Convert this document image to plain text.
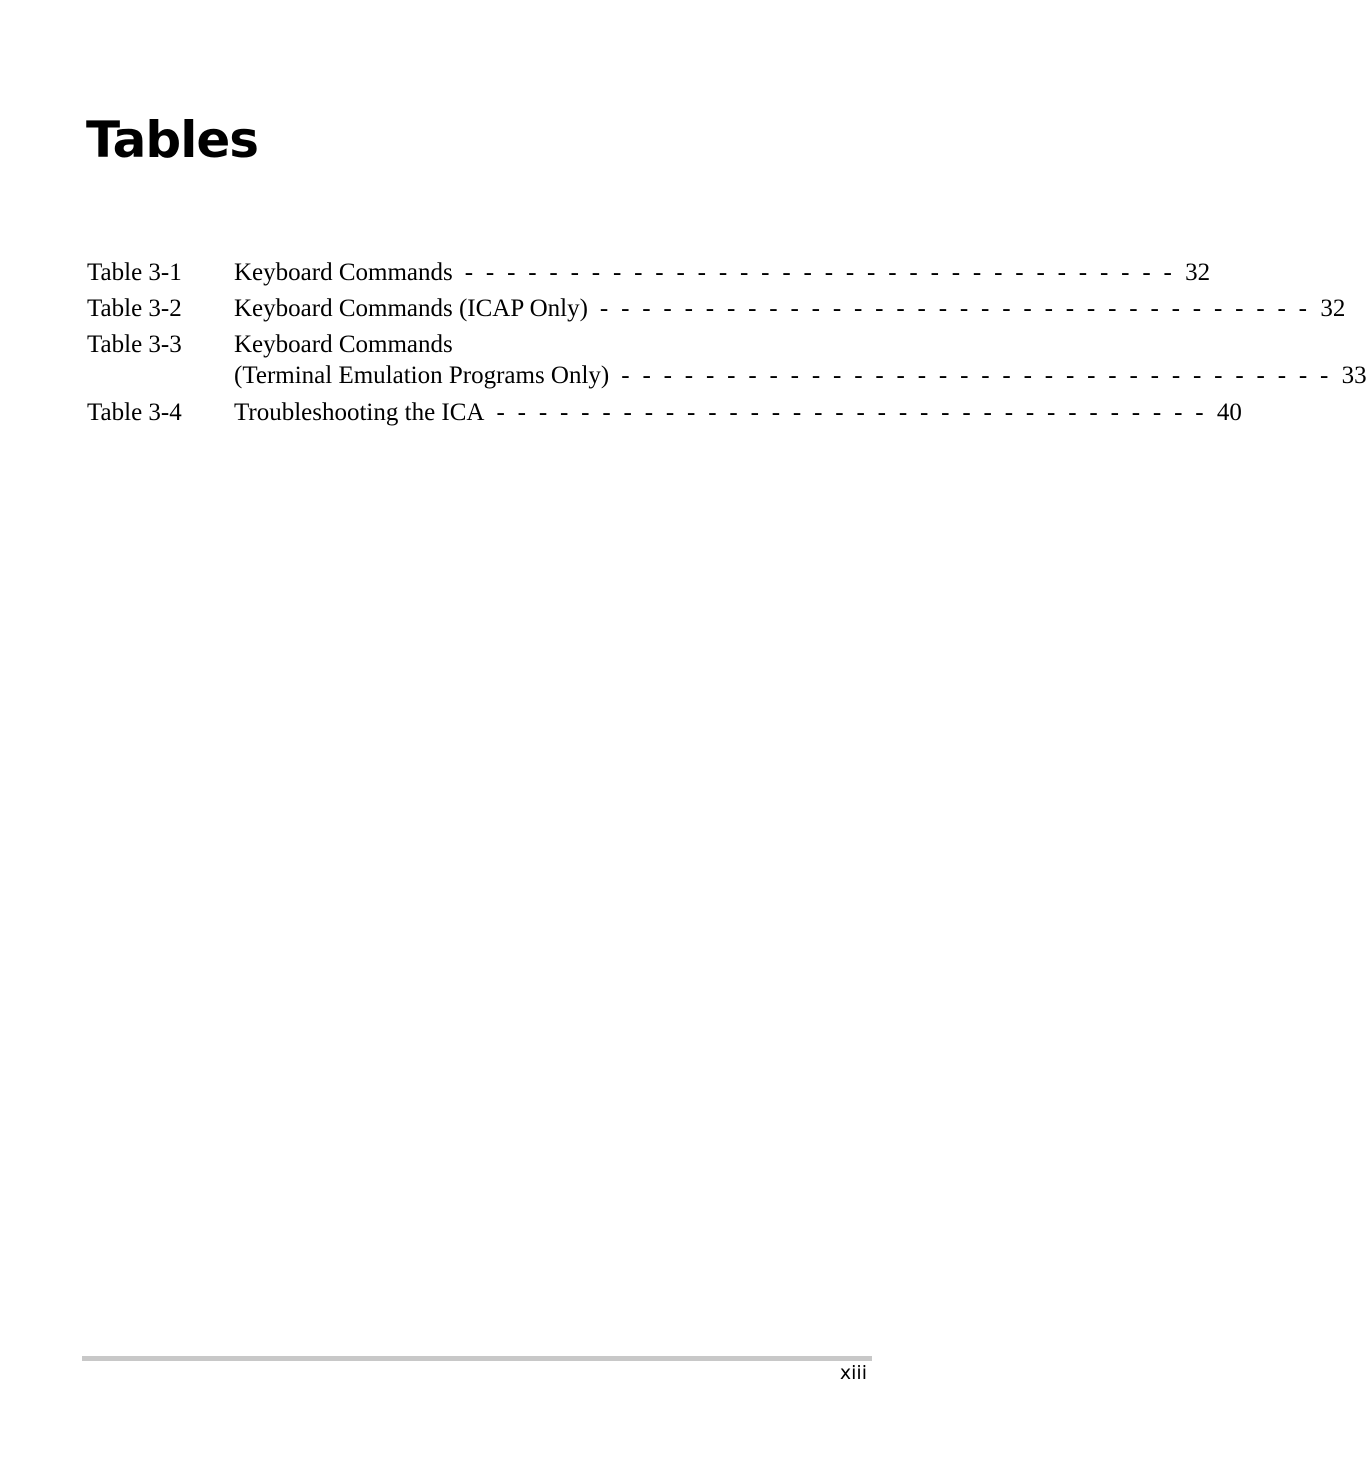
Tables
Table 3-1	Keyboard Commands - - - - - - - - - - - - - - - - - - - - - - - - - - - - - - - - - - 32
Table 3-2	Keyboard Commands (ICAP Only) - - - - - - - - - - - - - - - - - - - - - - - - - - - - - - - - - - 32
Table 3-3	Keyboard Commands
(Terminal Emulation Programs Only) - - - - - - - - - - - - - - - - - - - - - - - - - - - - - - - - - - 33
Table 3-4	Troubleshooting the ICA - - - - - - - - - - - - - - - - - - - - - - - - - - - - - - - - - - 40
xiii
